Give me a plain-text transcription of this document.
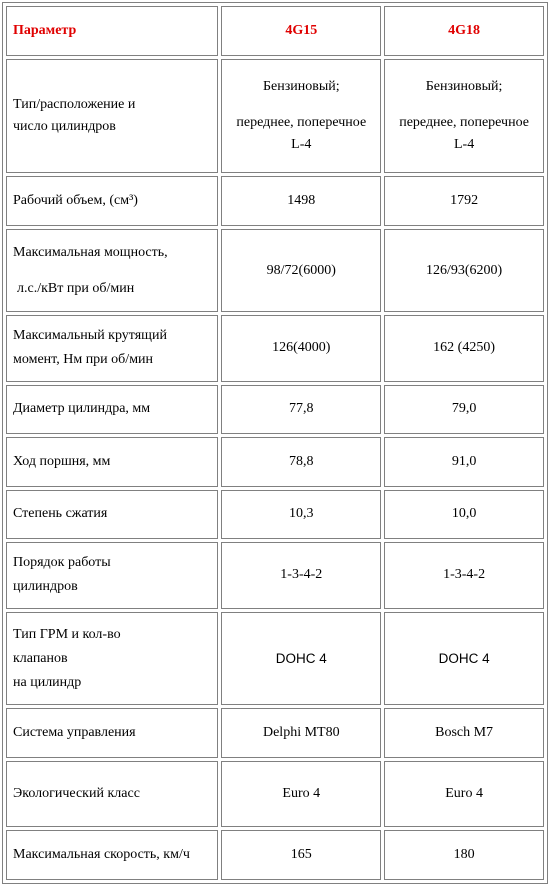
Параметр	4G15	4G18

Тип/расположение и
число цилиндров	Бензиновый;
переднее, поперечное
L-4	Бензиновый;
переднее, поперечное
L-4

Рабочий объем, (см³)	1498	1792

Максимальная мощность,
л.с./кВт при об/мин	98/72(6000)	126/93(6200)

Максимальный крутящий
момент, Нм при об/мин	126(4000)	162 (4250)

Диаметр цилиндра, мм	77,8	79,0

Ход поршня, мм	78,8	91,0

Степень сжатия	10,3	10,0

Порядок работы
цилиндров	1-3-4-2	1-3-4-2

Тип ГРМ и кол-во
клапанов
на цилиндр	DOHC 4	DOHC 4

Система управления	Delphi MT80	Bosch M7

Экологический класс	Euro 4	Euro 4

Максимальная скорость, км/ч	165	180
